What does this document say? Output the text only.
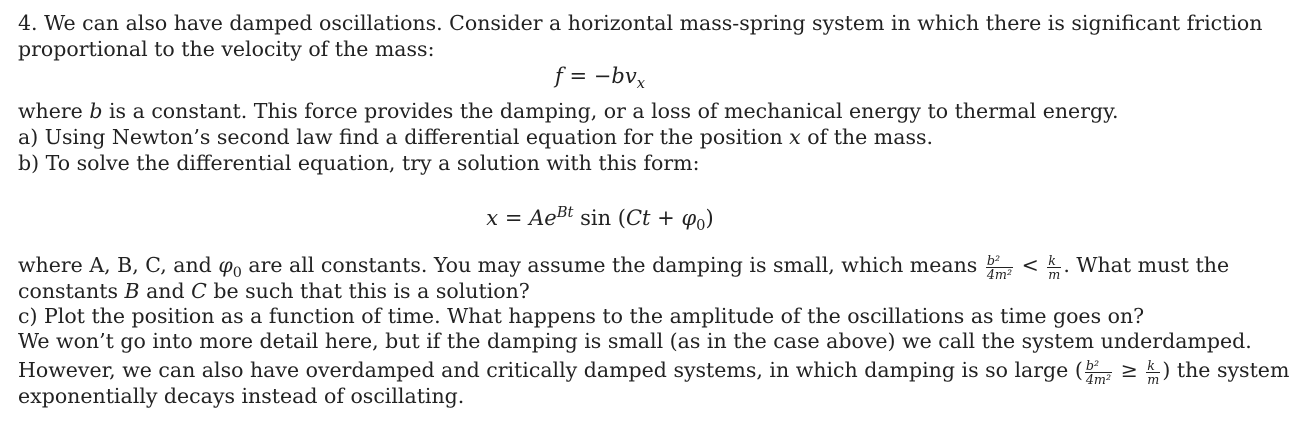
4. We can also have damped oscillations. Consider a horizontal mass-spring system in which there is significant friction
proportional to the velocity of the mass:
$f = -bv_x$
where b is a constant. This force provides the damping, or a loss of mechanical energy to thermal energy.
a) Using Newton’s second law find a differential equation for the position x of the mass.
b) To solve the differential equation, try a solution with this form:
$x = Ae^{Bt}$ $\sin (Ct + \varphi_0)$
where A, B, C, and $\varphi_0$ are all constants. You may assume the damping is small, which means $\frac{\text{b²}}{\text{4m²}} < \frac{k}{m}$ . What must the
constants B and C be such that this is a solution?
c) Plot the position as a function of time. What happens to the amplitude of the oscillations as time goes on?
We won’t go into more detail here, but if the damping is small (as in the case above) we call the system underdamped.
However, we can also have overdamped and critically damped systems, in which damping is so large ( $\frac{\text{b²}}{\text{4m²}} \ge \frac{k}{m}$ ) the system
exponentially decays instead of oscillating.
